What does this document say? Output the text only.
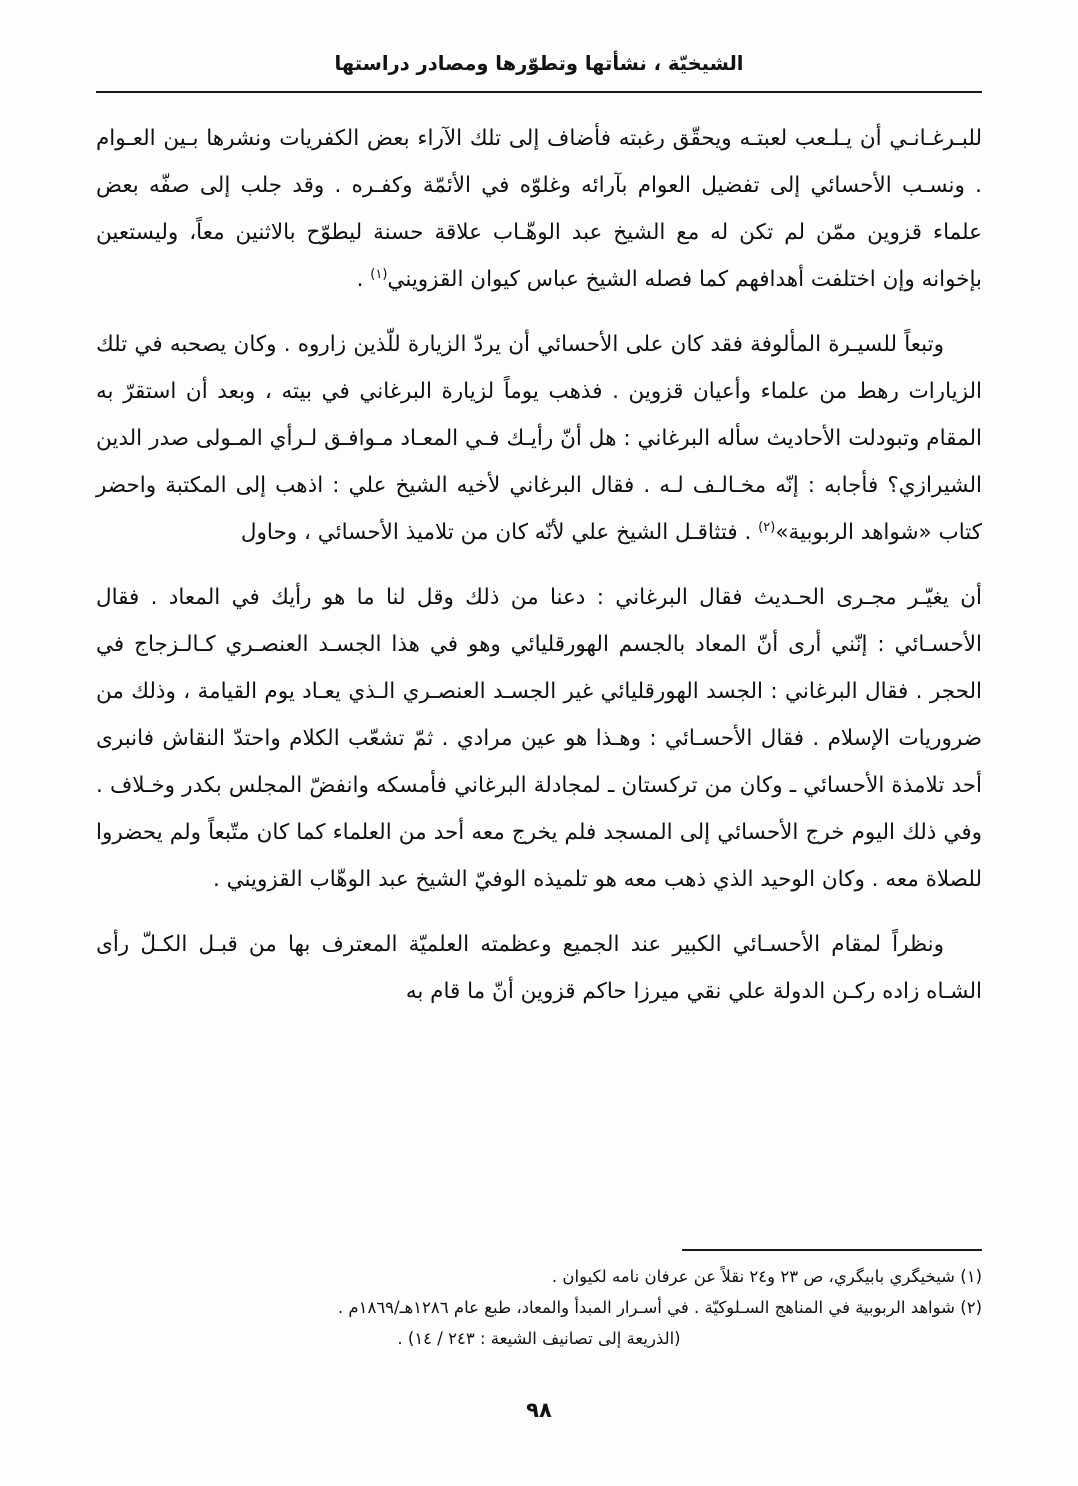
الشيخيّة ، نشأتها وتطوّرها ومصادر دراستها

للبـرغـانـي أن يـلـعب لعبتـه ويحقّق رغبته فأضاف إلى تلك الآراء بعض الكفريات ونشرها بـين العـوام . ونسـب الأحسائي إلى تفضيل العوام بآرائه وغلوّه في الأئمّة وكفـره . وقد جلب إلى صفّه بعض علماء قزوين ممّن لم تكن له مع الشيخ عبد الوهّـاب علاقة حسنة ليطوّح بالاثنين معاً، وليستعين بإخوانه وإن اختلفت أهدافهم كما فصله الشيخ عباس كيوان القزويني$^{(١)}$ .

وتبعاً للسيـرة المألوفة فقد كان على الأحسائي أن يردّ الزيارة للّذين زاروه . وكان يصحبه في تلك الزيارات رهط من علماء وأعيان قزوين . فذهب يوماً لزيارة البرغاني في بيته ، وبعد أن استقرّ به المقام وتبودلت الأحاديث سأله البرغاني : هل أنّ رأيـك فـي المعـاد مـوافـق لـرأي المـولى صدر الدين الشيرازي؟ فأجابه : إنّه مخـالـف لـه . فقال البرغاني لأخيه الشيخ علي : اذهب إلى المكتبة واحضر كتاب «شواهد الربوبية»$^{(٢)}$ . فتثاقـل الشيخ علي لأنّه كان من تلاميذ الأحسائي ، وحاول

أن يغيّـر مجـرى الحـديث فقال البرغاني : دعنا من ذلك وقل لنا ما هو رأيك في المعاد . فقال الأحسـائي : إنّني أرى أنّ المعاد بالجسم الهورقليائي وهو في هذا الجسـد العنصـري كـالـزجاج في الحجر . فقال البرغاني : الجسد الهورقليائي غير الجسـد العنصـري الـذي يعـاد يوم القيامة ، وذلك من ضروريات الإسلام . فقال الأحسـائي : وهـذا هو عين مرادي . ثمّ تشعّب الكلام واحتدّ النقاش فانبرى أحد تلامذة الأحسائي ـ وكان من تركستان ـ لمجادلة البرغاني فأمسكه وانفضّ المجلس بكدر وخـلاف . وفي ذلك اليوم خرج الأحسائي إلى المسجد فلم يخرج معه أحد من العلماء كما كان متّبعاً ولم يحضروا للصلاة معه . وكان الوحيد الذي ذهب معه هو تلميذه الوفيّ الشيخ عبد الوهّاب القزويني .

ونظراً لمقام الأحسـائي الكبير عند الجميع وعظمته العلميّة المعترف بها من قبـل الكـلّ رأى الشـاه زاده ركـن الدولة علي نقي ميرزا حاكم قزوين أنّ ما قام به

(١) شيخيگري بابيگري، ص ٢٣ و٢٤ نقلاً عن عرفان نامه لكيوان .

(٢) شواهد الربوبية في المناهج السـلوكيّة . في أسـرار المبدأ والمعاد، طبع عام ١٢٨٦هـ/١٨٦٩م .

(الذريعة إلى تصانيف الشيعة : ٢٤٣ / ١٤) .

٩٨
